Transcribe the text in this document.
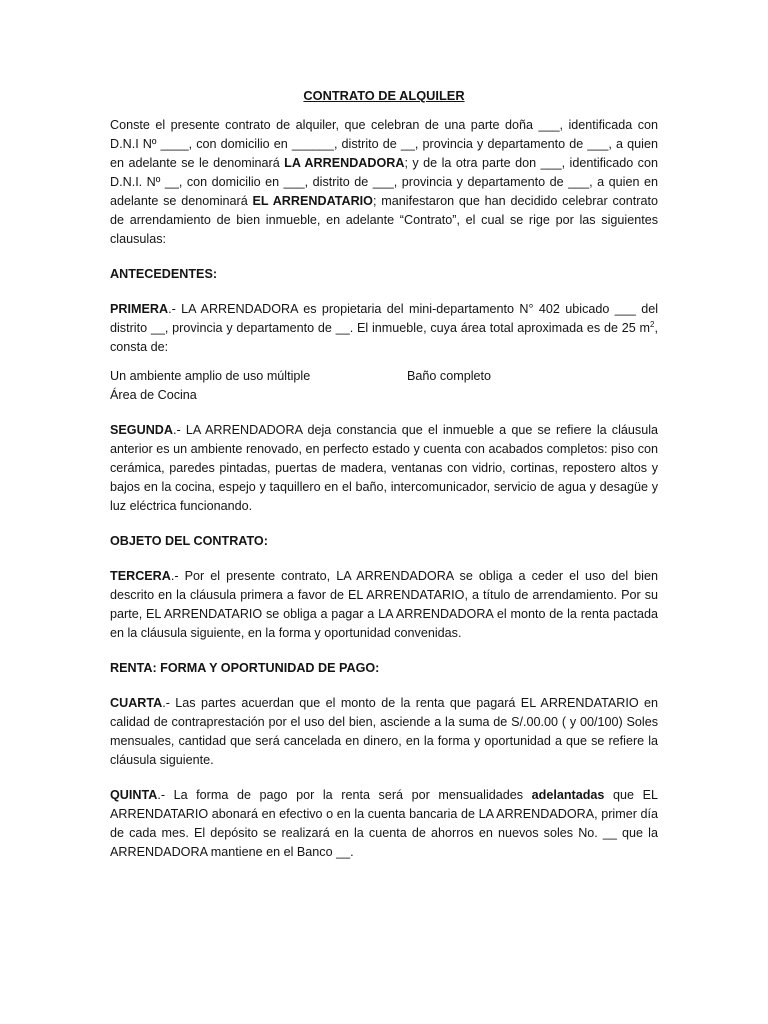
CONTRATO DE ALQUILER

Conste el presente contrato de alquiler, que celebran de una parte doña ___, identificada con D.N.I Nº ____, con domicilio en ______, distrito de __, provincia y departamento de ___, a quien en adelante se le denominará LA ARRENDADORA; y de la otra parte don ___, identificado con D.N.I. Nº __, con domicilio en ___, distrito de ___, provincia y departamento de ___, a quien en adelante se denominará EL ARRENDATARIO; manifestaron que han decidido celebrar contrato de arrendamiento de bien inmueble, en adelante “Contrato”, el cual se rige por las siguientes clausulas:

ANTECEDENTES:

PRIMERA.- LA ARRENDADORA es propietaria del mini-departamento N° 402 ubicado ___ del distrito __, provincia y departamento de __. El inmueble, cuya área total aproximada es de 25 $m^2$, consta de:

Un ambiente amplio de uso múltiple	Baño completo
Área de Cocina

SEGUNDA.- LA ARRENDADORA deja constancia que el inmueble a que se refiere la cláusula anterior es un ambiente renovado, en perfecto estado y cuenta con acabados completos: piso con cerámica, paredes pintadas, puertas de madera, ventanas con vidrio, cortinas, repostero altos y bajos en la cocina, espejo y taquillero en el baño, intercomunicador, servicio de agua y desagüe y luz eléctrica funcionando.

OBJETO DEL CONTRATO:

TERCERA.- Por el presente contrato, LA ARRENDADORA se obliga a ceder el uso del bien descrito en la cláusula primera a favor de EL ARRENDATARIO, a título de arrendamiento. Por su parte, EL ARRENDATARIO se obliga a pagar a LA ARRENDADORA el monto de la renta pactada en la cláusula siguiente, en la forma y oportunidad convenidas.

RENTA: FORMA Y OPORTUNIDAD DE PAGO:

CUARTA.- Las partes acuerdan que el monto de la renta que pagará EL ARRENDATARIO en calidad de contraprestación por el uso del bien, asciende a la suma de S/.00.00 ( y 00/100) Soles mensuales, cantidad que será cancelada en dinero, en la forma y oportunidad a que se refiere la cláusula siguiente.

QUINTA.- La forma de pago por la renta será por mensualidades adelantadas que EL ARRENDATARIO abonará en efectivo o en la cuenta bancaria de LA ARRENDADORA, primer día de cada mes. El depósito se realizará en la cuenta de ahorros en nuevos soles No. __ que la ARRENDADORA mantiene en el Banco __.
